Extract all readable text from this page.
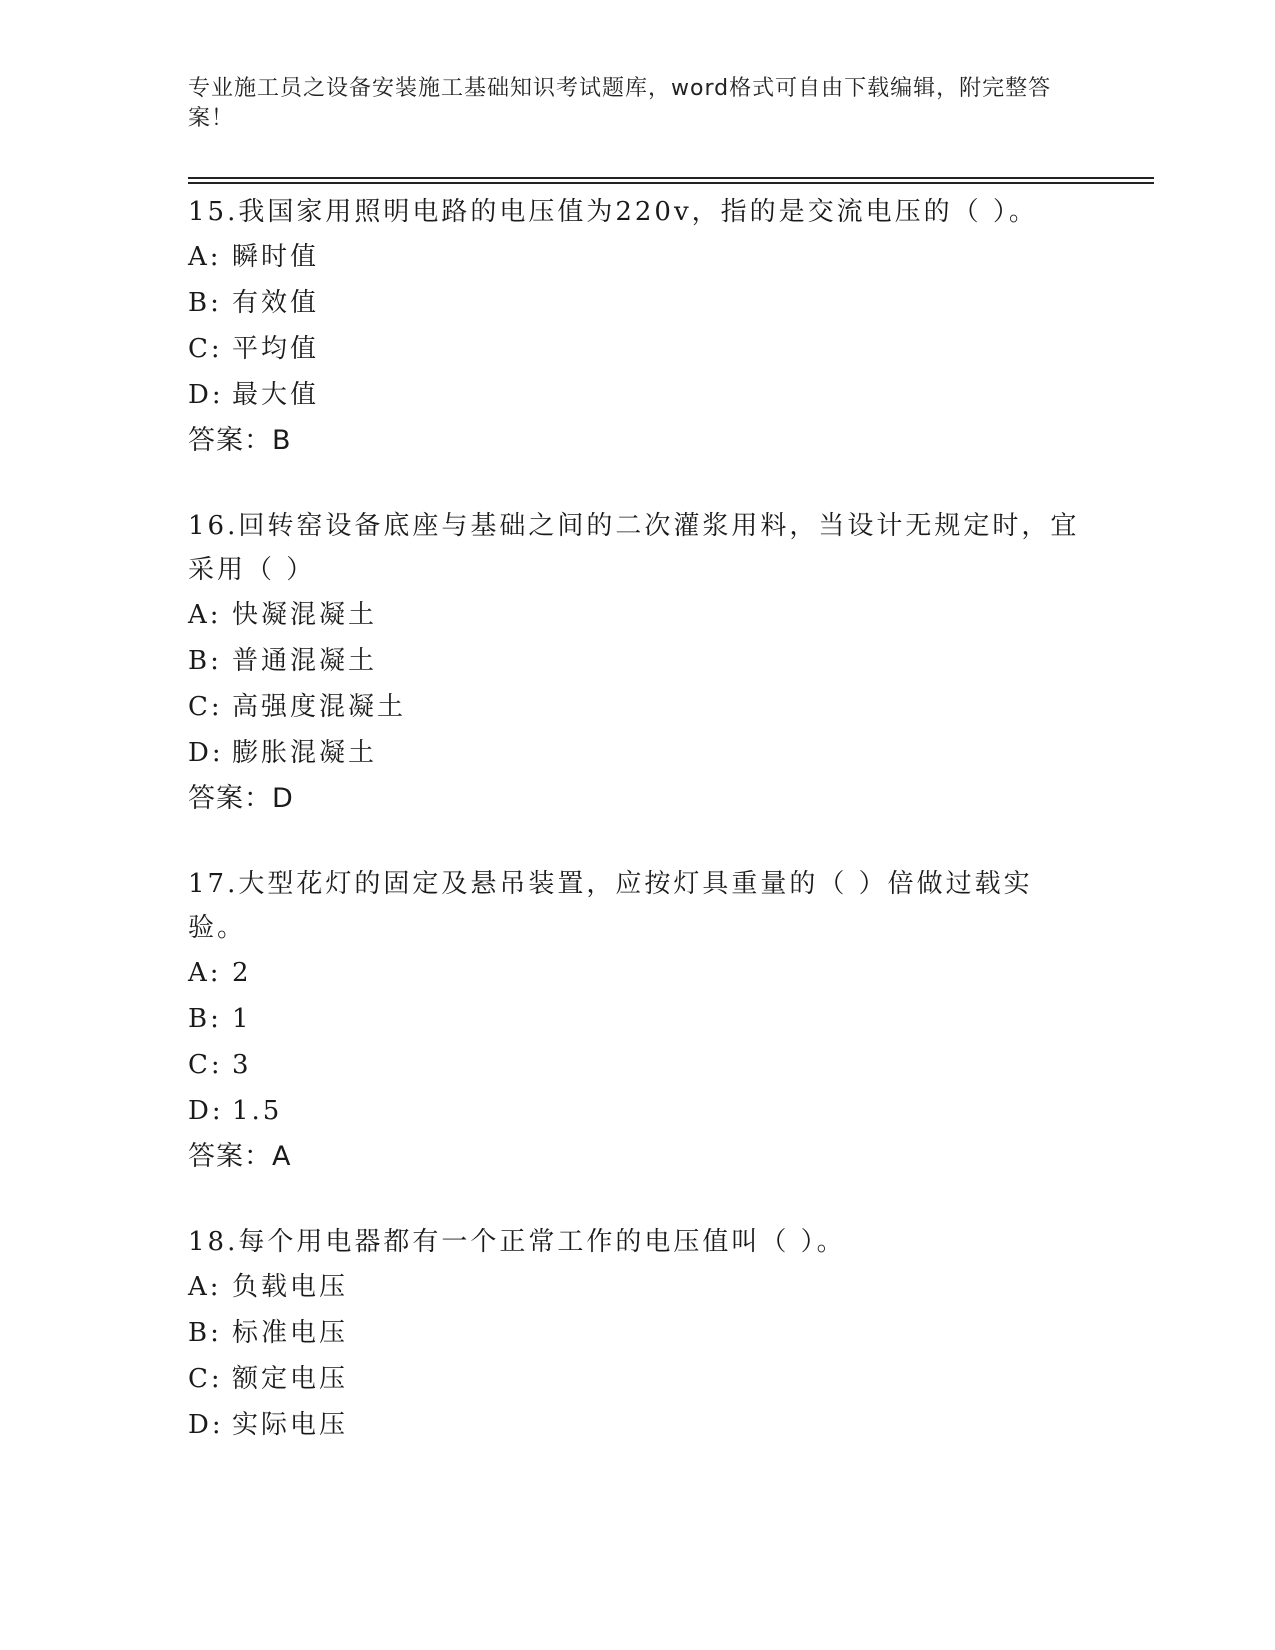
专业施工员之设备安装施工基础知识考试题库，word格式可自由下载编辑，附完整答案！
15.我国家用照明电路的电压值为220v，指的是交流电压的（ ）。
A: 瞬时值
B: 有效值
C: 平均值
D: 最大值
答案：B
16.回转窑设备底座与基础之间的二次灌浆用料，当设计无规定时，宜采用（ ）
A: 快凝混凝土
B: 普通混凝土
C: 高强度混凝土
D: 膨胀混凝土
答案：D
17.大型花灯的固定及悬吊装置，应按灯具重量的（ ）倍做过载实验。
A: 2
B: 1
C: 3
D: 1.5
答案：A
18.每个用电器都有一个正常工作的电压值叫（ ）。
A: 负载电压
B: 标准电压
C: 额定电压
D: 实际电压
